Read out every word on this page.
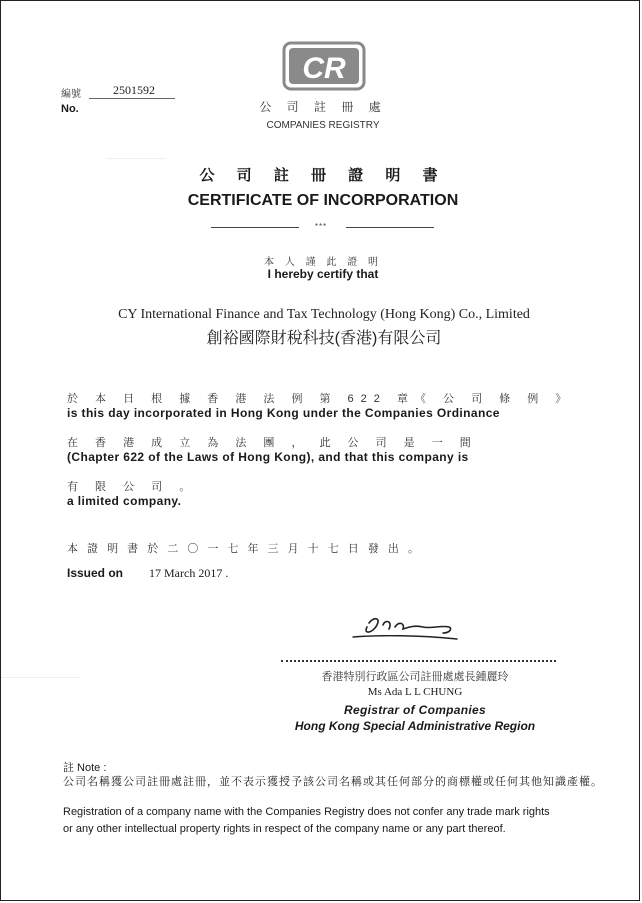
編號	2501592
No.
CR
公 司 註 冊 處
COMPANIES REGISTRY
公 司 註 冊 證 明 書
CERTIFICATE OF INCORPORATION
***
本 人 謹 此 證 明
I hereby certify that
CY International Finance and Tax Technology (Hong Kong) Co., Limited
創裕國際財稅科技(香港)有限公司
於 本 日 根 據 香 港 法 例 第 622 章《 公 司 條 例 》
is this day incorporated in Hong Kong under the Companies Ordinance
在 香 港 成 立 為 法 團 ， 此 公 司 是 一 間
(Chapter 622 of the Laws of Hong Kong), and that this company is
有 限 公 司 。
a limited company.
本 證 明 書 於 二 〇 一 七 年 三 月 十 七 日 發 出 。
Issued on 17 March 2017 .
香港特別行政區公司註冊處處長鍾麗玲
Ms Ada L L CHUNG
Registrar of Companies
Hong Kong Special Administrative Region
註 Note :
公司名稱獲公司註冊處註冊，並不表示獲授予該公司名稱或其任何部分的商標權或任何其他知識產權。
Registration of a company name with the Companies Registry does not confer any trade mark rights
or any other intellectual property rights in respect of the company name or any part thereof.
